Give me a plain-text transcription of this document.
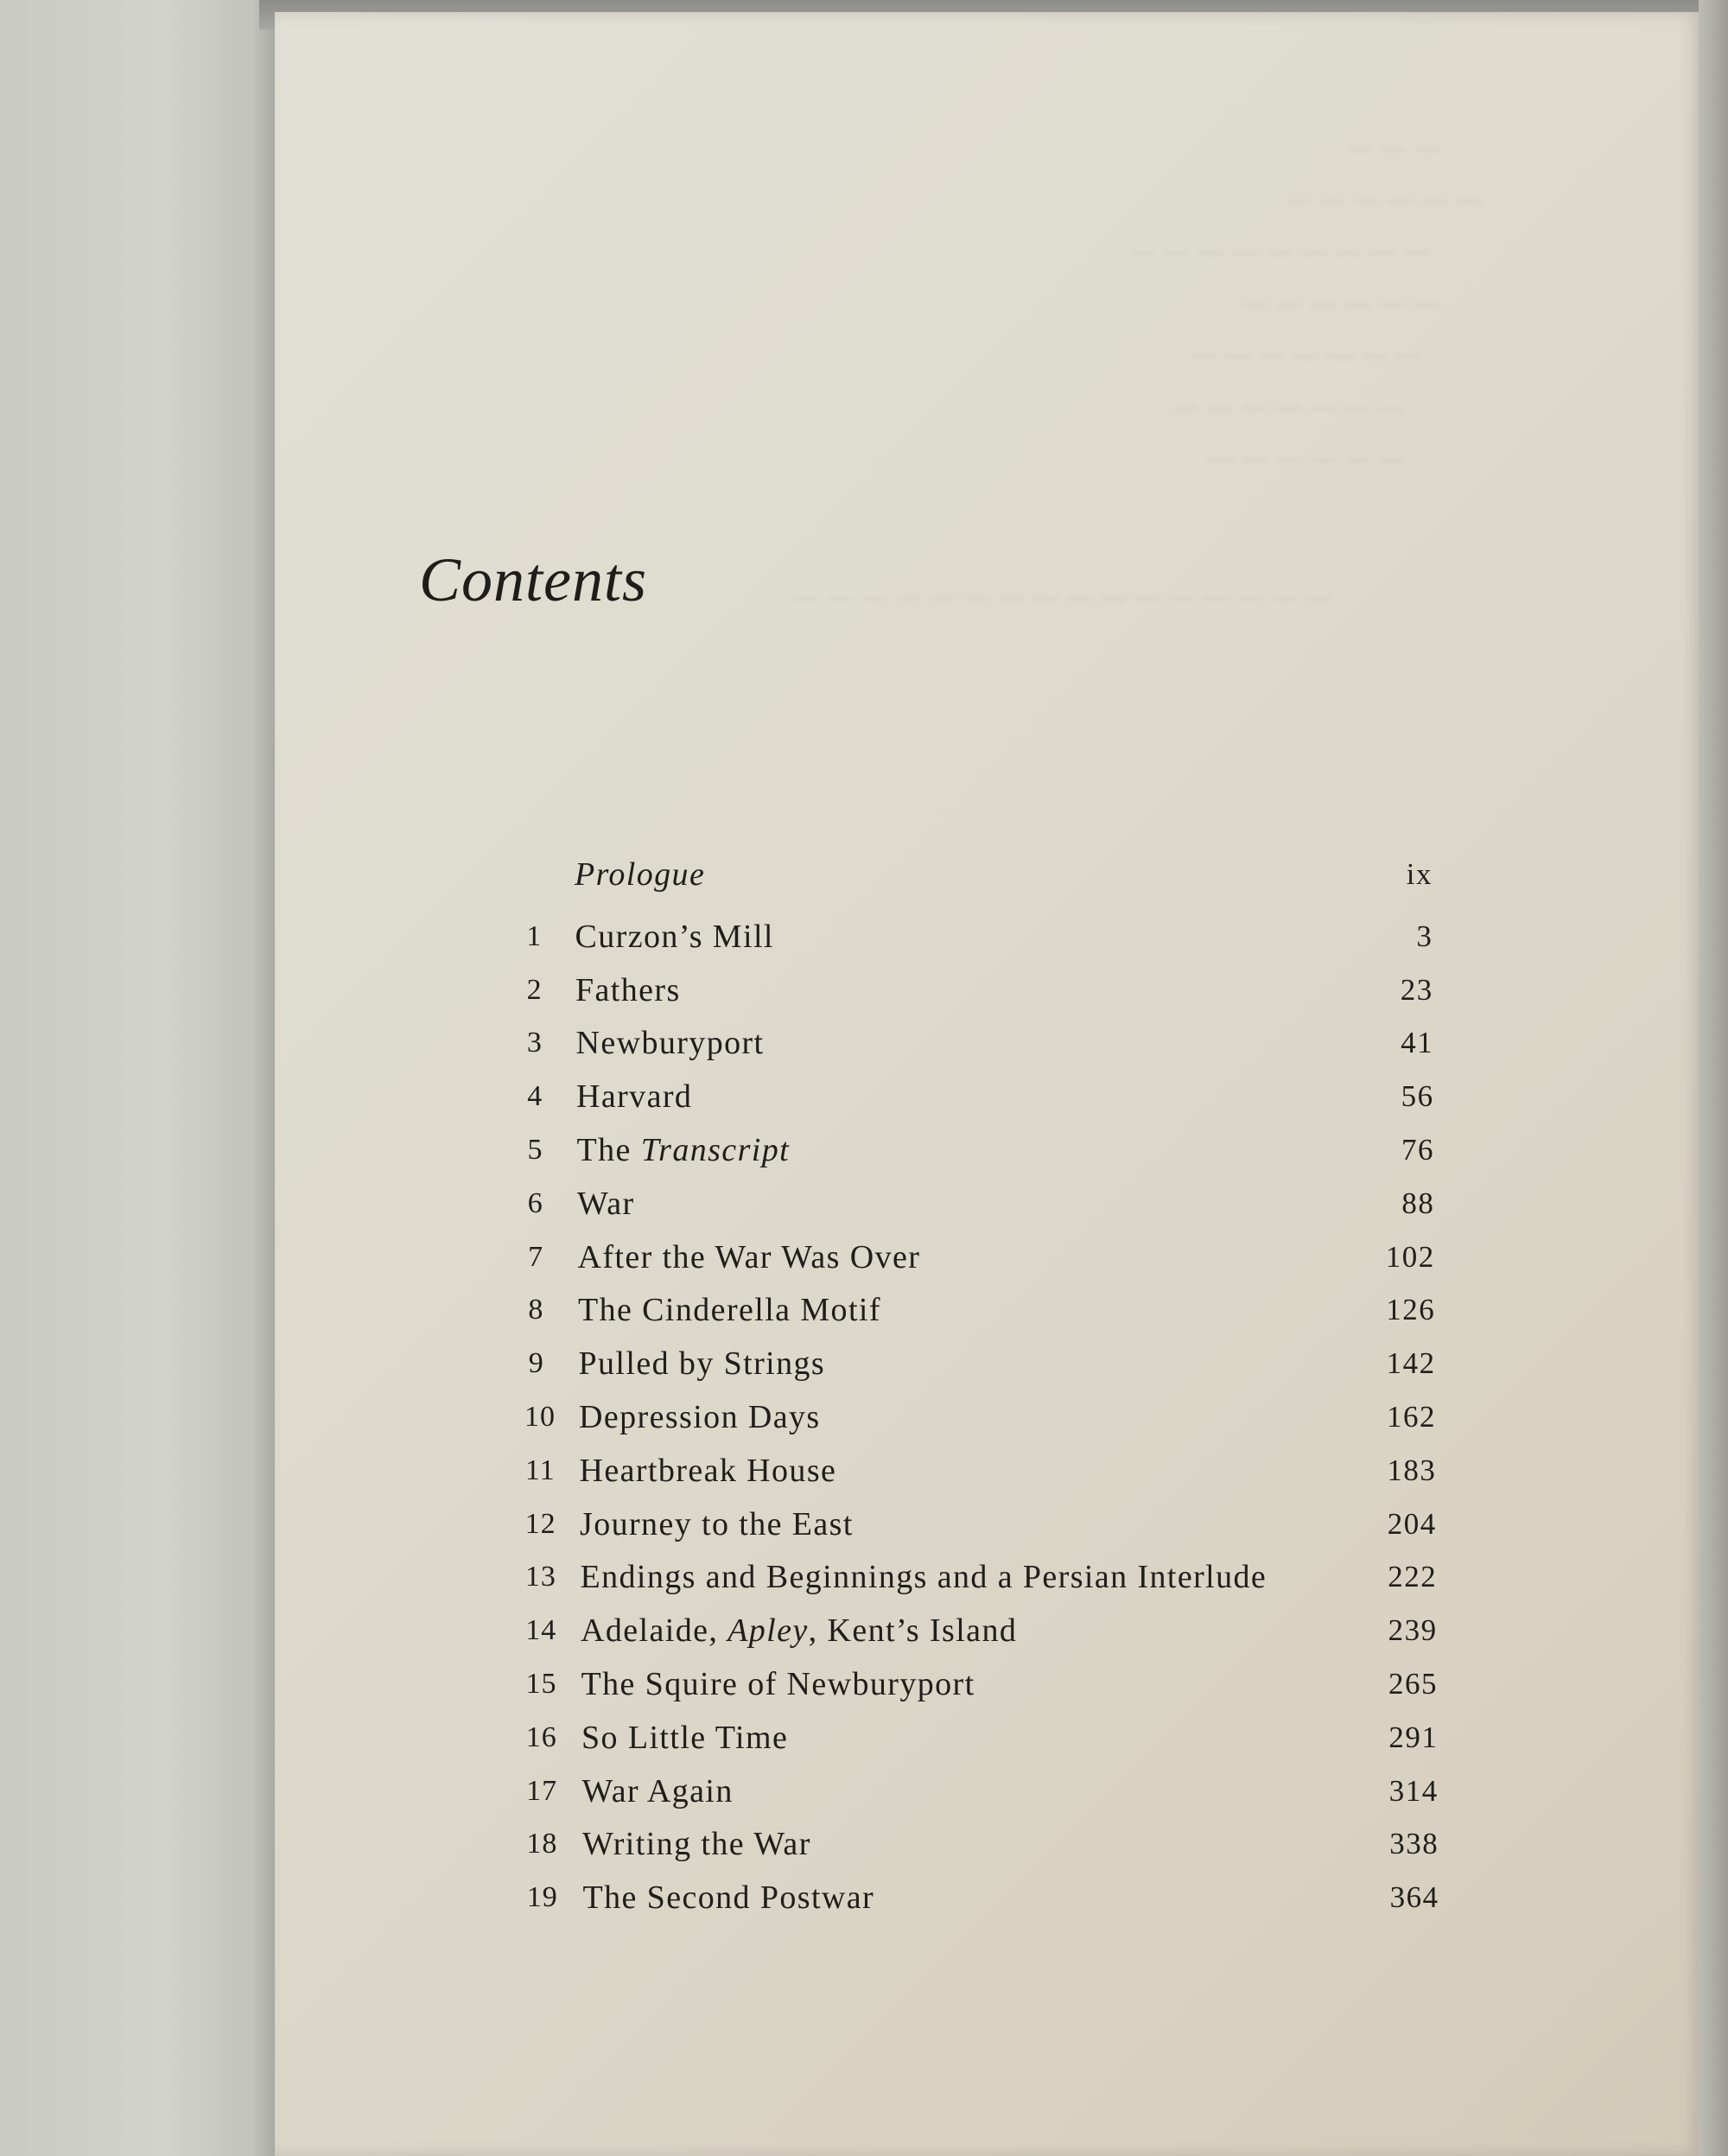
— — —
— — — — — —
— — — — — — — — —
— — — — — —
— — — — — — —
— — — — — — —
— — — — — —
— — — — — — — — — — — — — — — —
Contents
Prologue	ix
1 Curzon’s Mill	3
2 Fathers	23
3 Newburyport	41
4 Harvard	56
5 The Transcript	76
6 War	88
7 After the War Was Over	102
8 The Cinderella Motif	126
9 Pulled by Strings	142
10 Depression Days	162
11 Heartbreak House	183
12 Journey to the East	204
13 Endings and Beginnings and a Persian Interlude	222
14 Adelaide, Apley, Kent’s Island	239
15 The Squire of Newburyport	265
16 So Little Time	291
17 War Again	314
18 Writing the War	338
19 The Second Postwar	364
